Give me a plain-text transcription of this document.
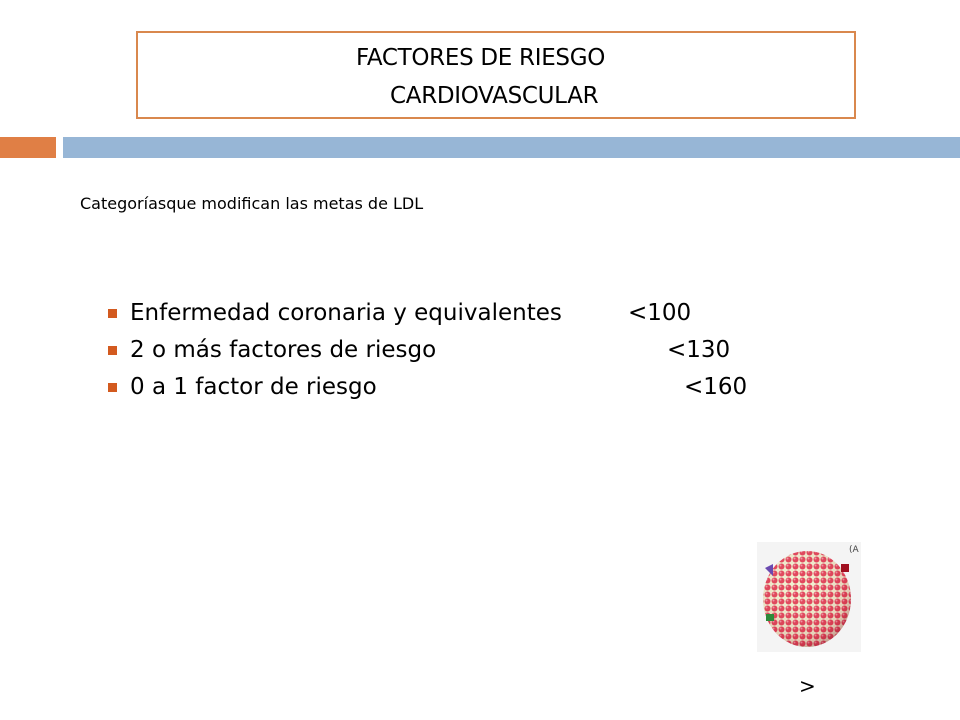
FACTORES DE RIESGO
CARDIOVASCULAR
Categoríasque modifican las metas de LDL
Enfermedad coronaria y equivalentes	<100
2 o más factores de riesgo	<130
0 a 1 factor de riesgo	<160
(A
>
